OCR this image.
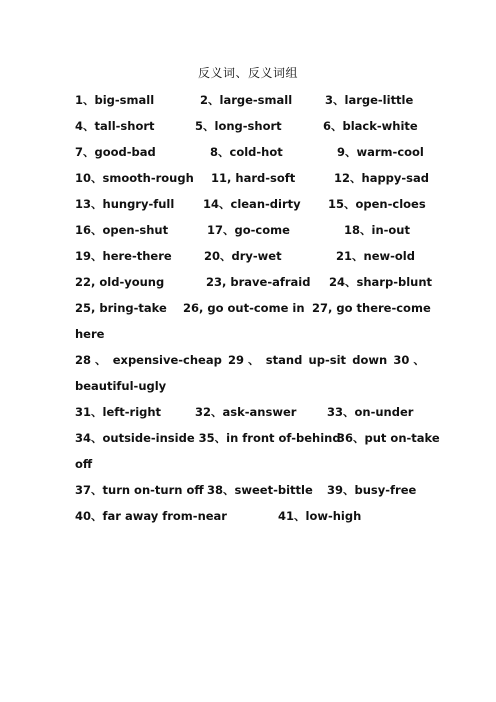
反义词、反义词组
1、big-small	2、large-small	3、large-little
4、tall-short	5、long-short	6、black-white
7、good-bad	8、cold-hot	9、warm-cool
10、smooth-rough 11, hard-soft	12、happy-sad
13、hungry-full 14、clean-dirty 15、open-cloes
16、open-shut	17、go-come	18、in-out
19、here-there	20、dry-wet	21、new-old
22, old-young	23, brave-afraid 24、sharp-blunt
25, bring-take 26, go out-come in 27, go there-come
here
28 、 expensive-cheap 29 、 stand up-sit down 30 、
beautiful-ugly
31、left-right	32、ask-answer	33、on-under
34、outside-inside 35、in front of-behind
36、put on-take
off
37、turn on-turn off 38、sweet-bittle 39、busy-free
40、far away from-near	41、low-high
